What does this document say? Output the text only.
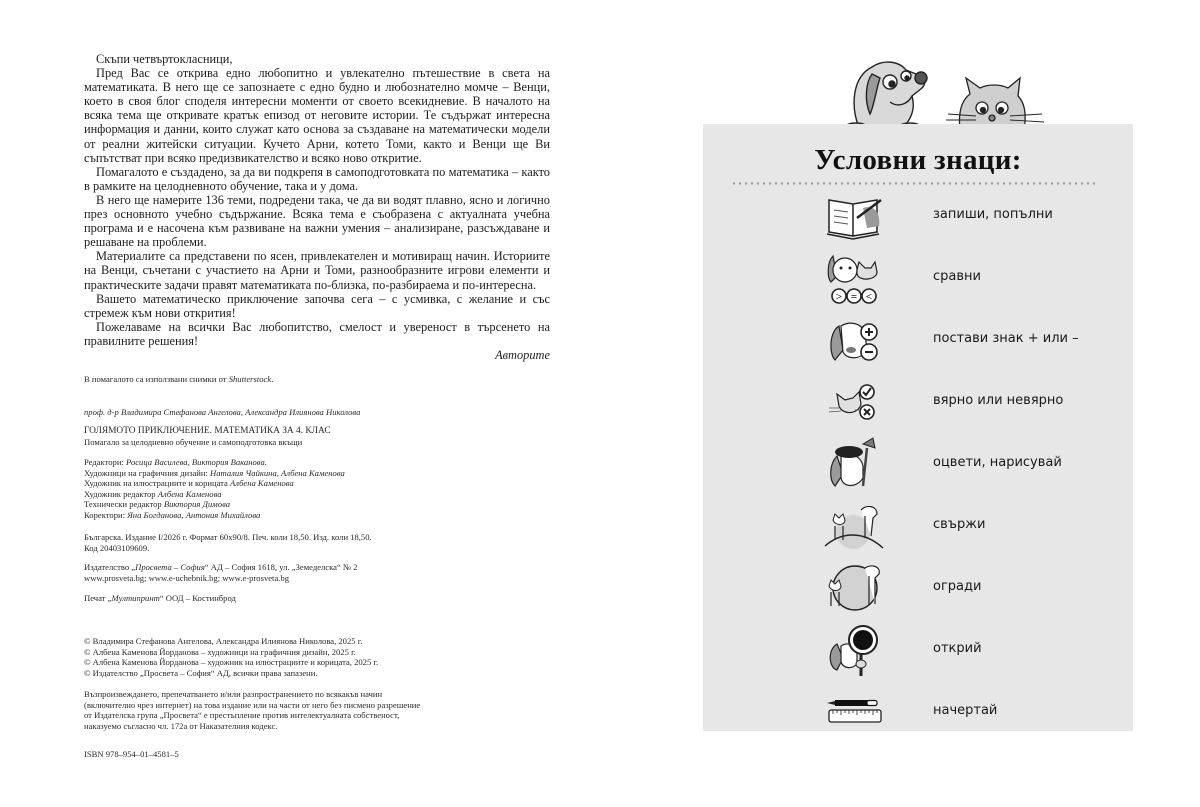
Скъпи четвъртокласници,

Пред Вас се открива едно любопитно и увлекателно пътешествие в света на математиката. В него ще се запознаете с едно будно и любознателно момче – Венци, което в своя блог споделя интересни моменти от своето всекидневие. В началото на всяка тема ще откривате кратък епизод от неговите истории. Те съдържат интересна информация и данни, които служат като основа за създаване на математически модели от реални житейски ситуации. Кучето Арни, котето Томи, както и Венци ще Ви съпътстват при всяко предизвикателство и всяко ново откритие.

Помагалото е създадено, за да ви подкрепя в самоподготовката по математика – както в рамките на целодневното обучение, така и у дома.

В него ще намерите 136 теми, подредени така, че да ви водят плавно, ясно и логично през основното учебно съдържание. Всяка тема е съобразена с актуалната учебна програма и е насочена към развиване на важни умения – анализиране, разсъждаване и решаване на проблеми.

Материалите са представени по ясен, привлекателен и мотивиращ начин. Историите на Венци, съчетани с участието на Арни и Томи, разнообразните игрови елементи и практическите задачи правят математиката по-близка, по-разбираема и по-интересна.

Вашето математическо приключение започва сега – с усмивка, с желание и със стремеж към нови открития!

Пожелаваме на всички Вас любопитство, смелост и увереност в търсенето на правилните решения!

Авторите

В помагалото са използвани снимки от Shutterstock.

проф. д-р Владимира Стефанова Ангелова, Александра Илиянова Николова

ГОЛЯМОТО ПРИКЛЮЧЕНИЕ. МАТЕМАТИКА ЗА 4. КЛАС

Помагало за целодневно обучение и самоподготовка вкъщи

Редактори: Росица Василева, Виктория Ваканова.

Художници на графичния дизайн: Наталия Чайкина, Албена Каменова

Художник на илюстрациите и корицата Албена Каменова

Художник редактор Албена Каменова

Технически редактор Виктория Димова

Коректори: Яна Богданова, Антония Михайлова

Българска. Издание I/2026 г. Формат 60х90/8. Печ. коли 18,50. Изд. коли 18,50.

Код 20403109609.

Издателство „Просвета – София“ АД – София 1618, ул. „Земеделска“ № 2

www.prosveta.bg; www.e-uchebnik.bg; www.e-prosveta.bg

Печат „Мултипринт“ ООД – Костинброд

© Владимира Стефанова Ангелова, Александра Илиянова Николова, 2025 г.

© Албена Каменова Йорданова – художници на графичния дизайн, 2025 г.

© Албена Каменова Йорданова – художник на илюстрациите и корицата, 2025 г.

© Издателство „Просвета – София“ АД, всички права запазени.

Възпроизвеждането, препечатването и/или разпространението по всякакъв начин

(включително чрез интернет) на това издание или на части от него без писмено разрешение

от Издателска група „Просвета“ е престъпление против интелектуалната собственост,

наказуемо съгласно чл. 172а от Наказателния кодекс.

ISBN 978–954–01–4581–5

Условни знаци:
запиши, попълни
> = <
сравни
постави знак + или –
вярно или невярно
оцвети, нарисувай
свържи
огради
открий
начертай
